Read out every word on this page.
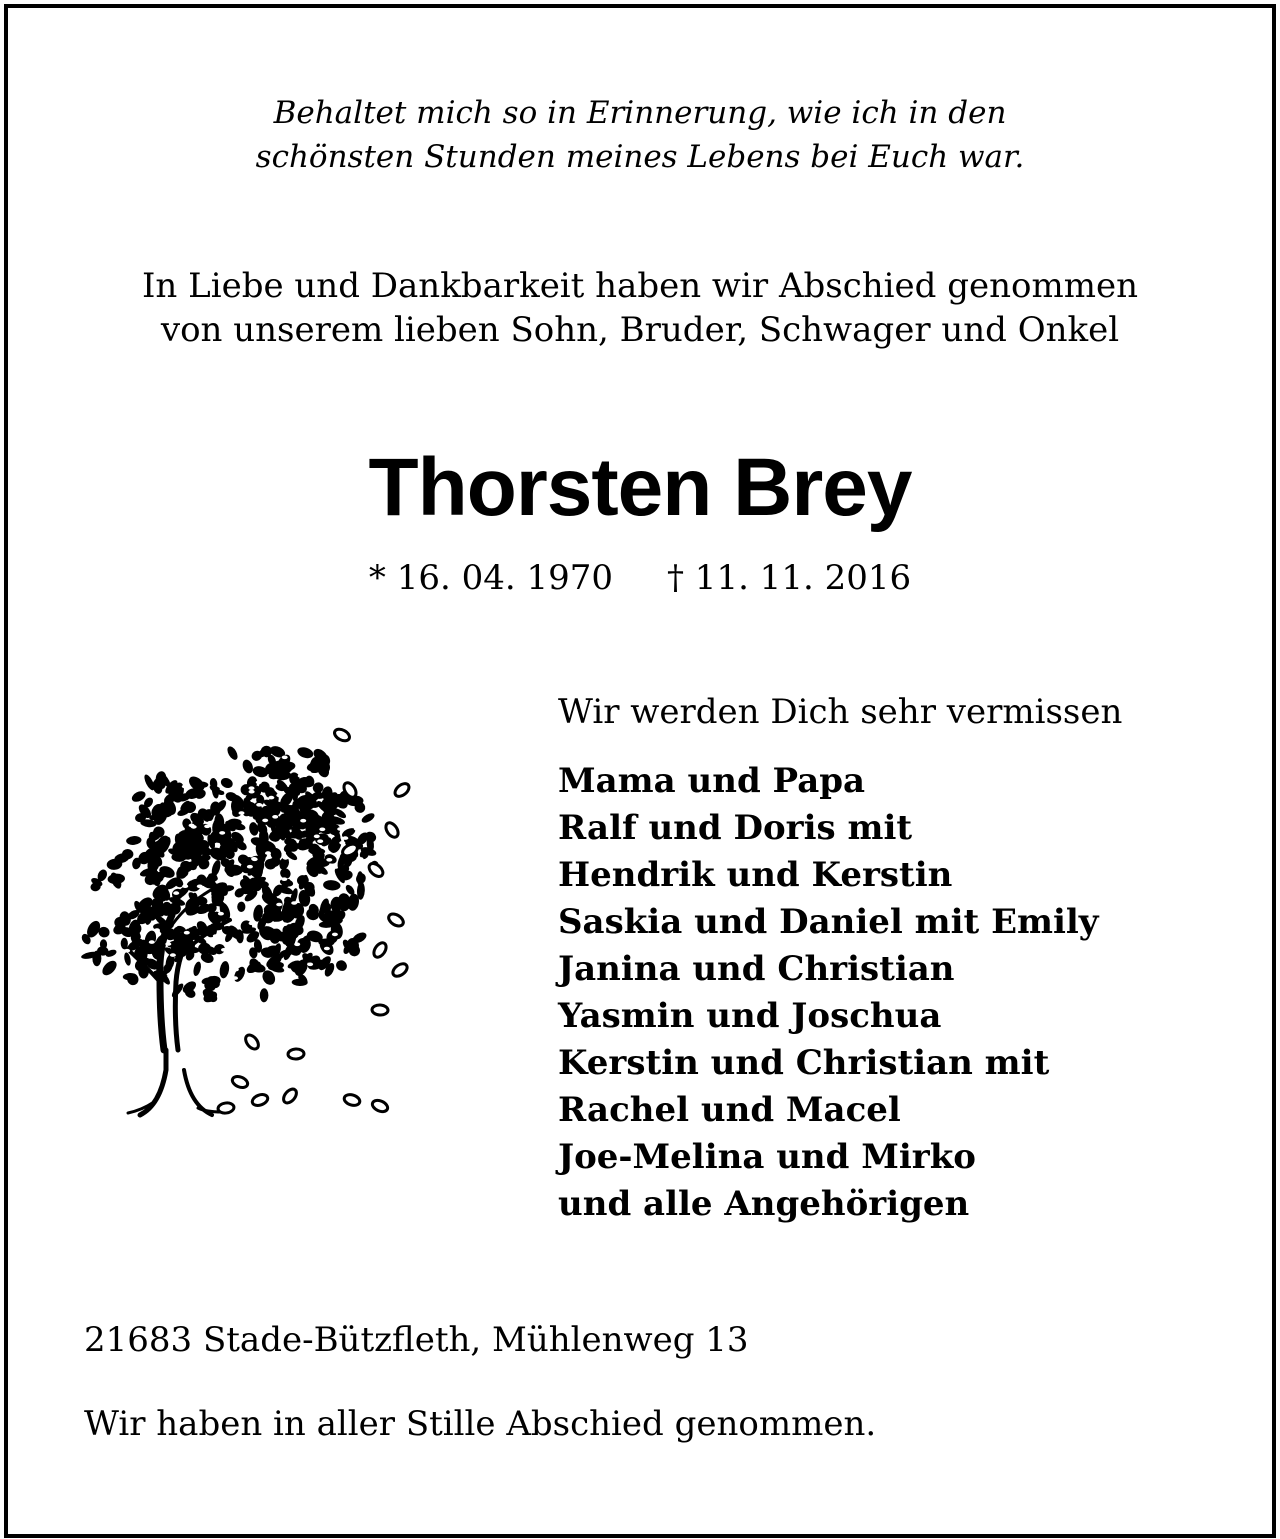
Behaltet mich so in Erinnerung, wie ich in den
schönsten Stunden meines Lebens bei Euch war.
In Liebe und Dankbarkeit haben wir Abschied genommen
von unserem lieben Sohn, Bruder, Schwager und Onkel
Thorsten Brey
* 16. 04. 1970 † 11. 11. 2016
Wir werden Dich sehr vermissen
Mama und Papa
Ralf und Doris mit
Hendrik und Kerstin
Saskia und Daniel mit Emily
Janina und Christian
Yasmin und Joschua
Kerstin und Christian mit
Rachel und Macel
Joe-Melina und Mirko
und alle Angehörigen
21683 Stade-Bützfleth, Mühlenweg 13
Wir haben in aller Stille Abschied genommen.
